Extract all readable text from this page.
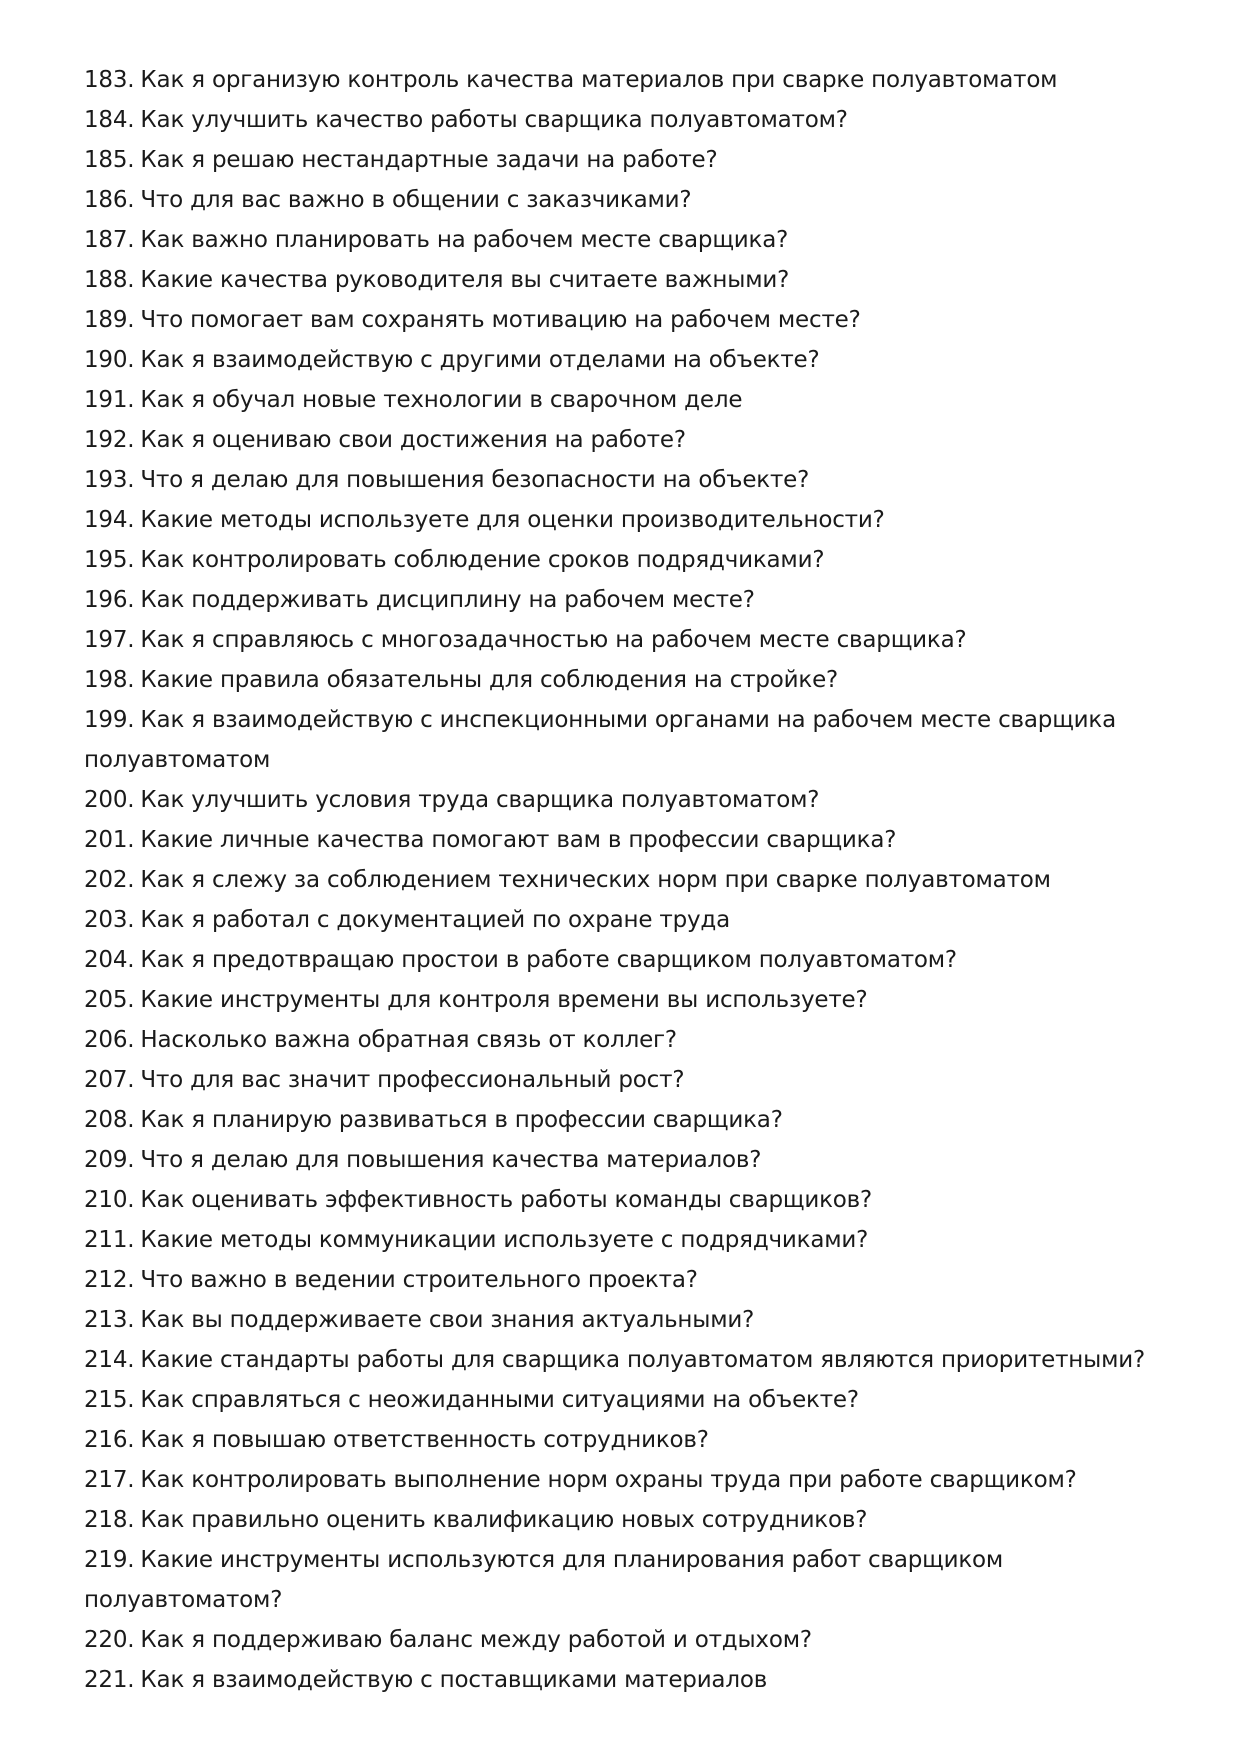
183. Как я организую контроль качества материалов при сварке полуавтоматом
184. Как улучшить качество работы сварщика полуавтоматом?
185. Как я решаю нестандартные задачи на работе?
186. Что для вас важно в общении с заказчиками?
187. Как важно планировать на рабочем месте сварщика?
188. Какие качества руководителя вы считаете важными?
189. Что помогает вам сохранять мотивацию на рабочем месте?
190. Как я взаимодействую с другими отделами на объекте?
191. Как я обучал новые технологии в сварочном деле
192. Как я оцениваю свои достижения на работе?
193. Что я делаю для повышения безопасности на объекте?
194. Какие методы используете для оценки производительности?
195. Как контролировать соблюдение сроков подрядчиками?
196. Как поддерживать дисциплину на рабочем месте?
197. Как я справляюсь с многозадачностью на рабочем месте сварщика?
198. Какие правила обязательны для соблюдения на стройке?
199. Как я взаимодействую с инспекционными органами на рабочем месте сварщика полуавтоматом
200. Как улучшить условия труда сварщика полуавтоматом?
201. Какие личные качества помогают вам в профессии сварщика?
202. Как я слежу за соблюдением технических норм при сварке полуавтоматом
203. Как я работал с документацией по охране труда
204. Как я предотвращаю простои в работе сварщиком полуавтоматом?
205. Какие инструменты для контроля времени вы используете?
206. Насколько важна обратная связь от коллег?
207. Что для вас значит профессиональный рост?
208. Как я планирую развиваться в профессии сварщика?
209. Что я делаю для повышения качества материалов?
210. Как оценивать эффективность работы команды сварщиков?
211. Какие методы коммуникации используете с подрядчиками?
212. Что важно в ведении строительного проекта?
213. Как вы поддерживаете свои знания актуальными?
214. Какие стандарты работы для сварщика полуавтоматом являются приоритетными?
215. Как справляться с неожиданными ситуациями на объекте?
216. Как я повышаю ответственность сотрудников?
217. Как контролировать выполнение норм охраны труда при работе сварщиком?
218. Как правильно оценить квалификацию новых сотрудников?
219. Какие инструменты используются для планирования работ сварщиком полуавтоматом?
220. Как я поддерживаю баланс между работой и отдыхом?
221. Как я взаимодействую с поставщиками материалов
